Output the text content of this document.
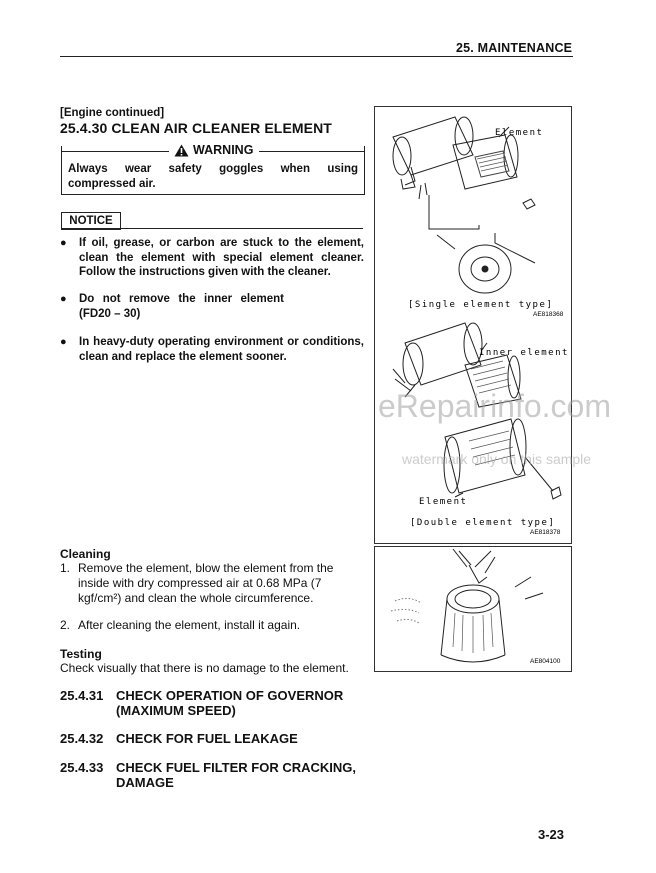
25. MAINTENANCE
[Engine continued]
25.4.30 CLEAN AIR CLEANER ELEMENT
WARNING
Always wear safety goggles when using compressed air.
NOTICE
● If oil, grease, or carbon are stuck to the element, clean the element with special element cleaner. Follow the instructions given with the cleaner.
● Do not remove the inner element (FD20 – 30)
● In heavy-duty operating environment or conditions, clean and replace the element sooner.
Cleaning
1. Remove the element, blow the element from the inside with dry compressed air at 0.68 MPa (7 kgf/cm²) and clean the whole circumference.
2. After cleaning the element, install it again.
Testing
Check visually that there is no damage to the element.
25.4.31 CHECK OPERATION OF GOVERNOR (MAXIMUM SPEED)
25.4.32 CHECK FOR FUEL LEAKAGE
25.4.33 CHECK FUEL FILTER FOR CRACKING, DAMAGE
Element
[Single element type]
AE818368
Inner element
Element
[Double element type]
AE818378
AE804100
eRepairinfo.com
watermark only on this sample
3-23
